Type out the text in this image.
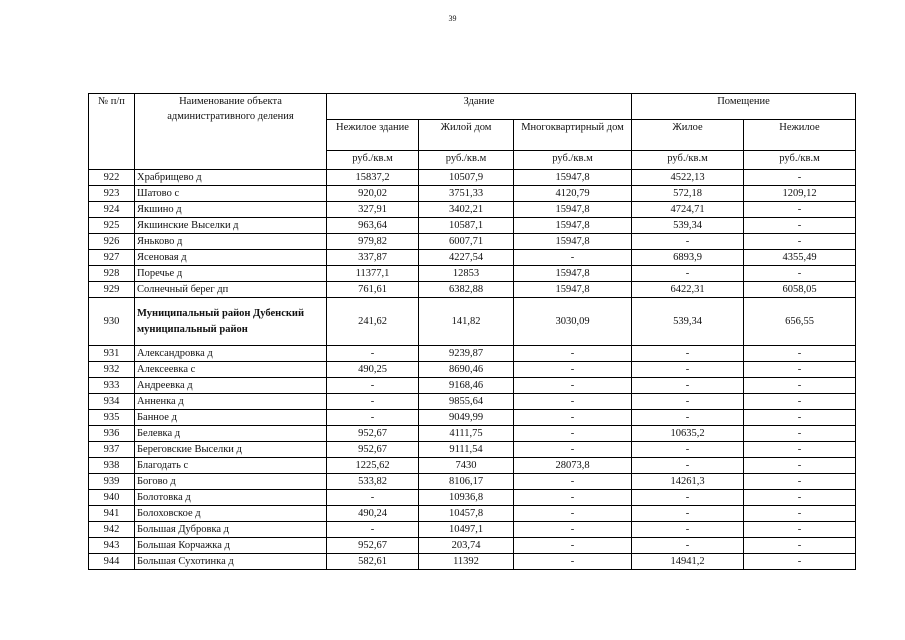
39
№ п/п	Наименование объекта административного деления	Здание			Помещение	
		Нежилое здание	Жилой дом	Многоквартирный дом	Жилое	Нежилое
		руб./кв.м	руб./кв.м	руб./кв.м	руб./кв.м	руб./кв.м
922	Храбрищево д	15837,2	10507,9	15947,8	4522,13	-
923	Шатово с	920,02	3751,33	4120,79	572,18	1209,12
924	Якшино д	327,91	3402,21	15947,8	4724,71	-
925	Якшинские Выселки д	963,64	10587,1	15947,8	539,34	-
926	Яньково д	979,82	6007,71	15947,8	-	-
927	Ясеновая д	337,87	4227,54	-	6893,9	4355,49
928	Поречье д	11377,1	12853	15947,8	-	-
929	Солнечный берег дп	761,61	6382,88	15947,8	6422,31	6058,05
930	Муниципальный район Дубенский муниципальный район	241,62	141,82	3030,09	539,34	656,55
931	Александровка д	-	9239,87	-	-	-
932	Алексеевка с	490,25	8690,46	-	-	-
933	Андреевка д	-	9168,46	-	-	-
934	Анненка д	-	9855,64	-	-	-
935	Банное д	-	9049,99	-	-	-
936	Белевка д	952,67	4111,75	-	10635,2	-
937	Береговские Выселки д	952,67	9111,54	-	-	-
938	Благодать с	1225,62	7430	28073,8	-	-
939	Богово д	533,82	8106,17	-	14261,3	-
940	Болотовка д	-	10936,8	-	-	-
941	Болоховское д	490,24	10457,8	-	-	-
942	Большая Дубровка д	-	10497,1	-	-	-
943	Большая Корчажка д	952,67	203,74	-	-	-
944	Большая Сухотинка д	582,61	11392	-	14941,2	-
